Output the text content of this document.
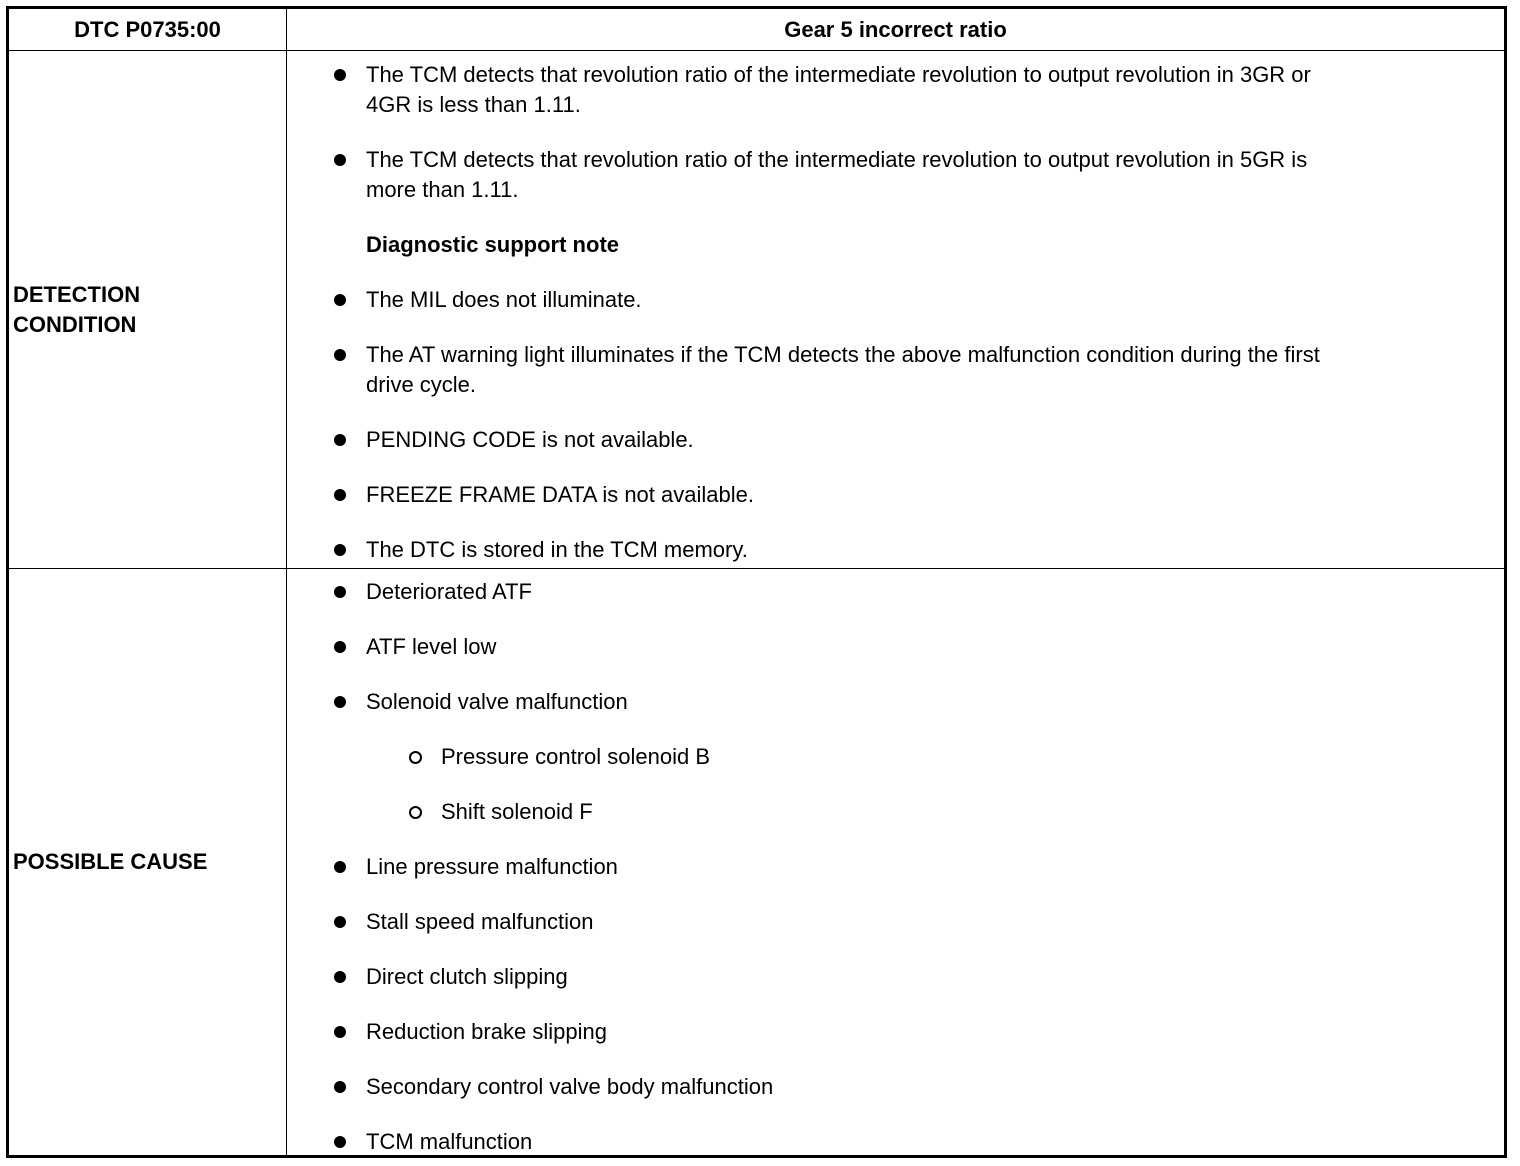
DTC P0735:00	Gear 5 incorrect ratio
DETECTION
CONDITION
The TCM detects that revolution ratio of the intermediate revolution to output revolution in 3GR or
4GR is less than 1.11.
The TCM detects that revolution ratio of the intermediate revolution to output revolution in 5GR is
more than 1.11.
Diagnostic support note
The MIL does not illuminate.
The AT warning light illuminates if the TCM detects the above malfunction condition during the first
drive cycle.
PENDING CODE is not available.
FREEZE FRAME DATA is not available.
The DTC is stored in the TCM memory.
POSSIBLE CAUSE
Deteriorated ATF
ATF level low
Solenoid valve malfunction
Pressure control solenoid B
Shift solenoid F
Line pressure malfunction
Stall speed malfunction
Direct clutch slipping
Reduction brake slipping
Secondary control valve body malfunction
TCM malfunction
